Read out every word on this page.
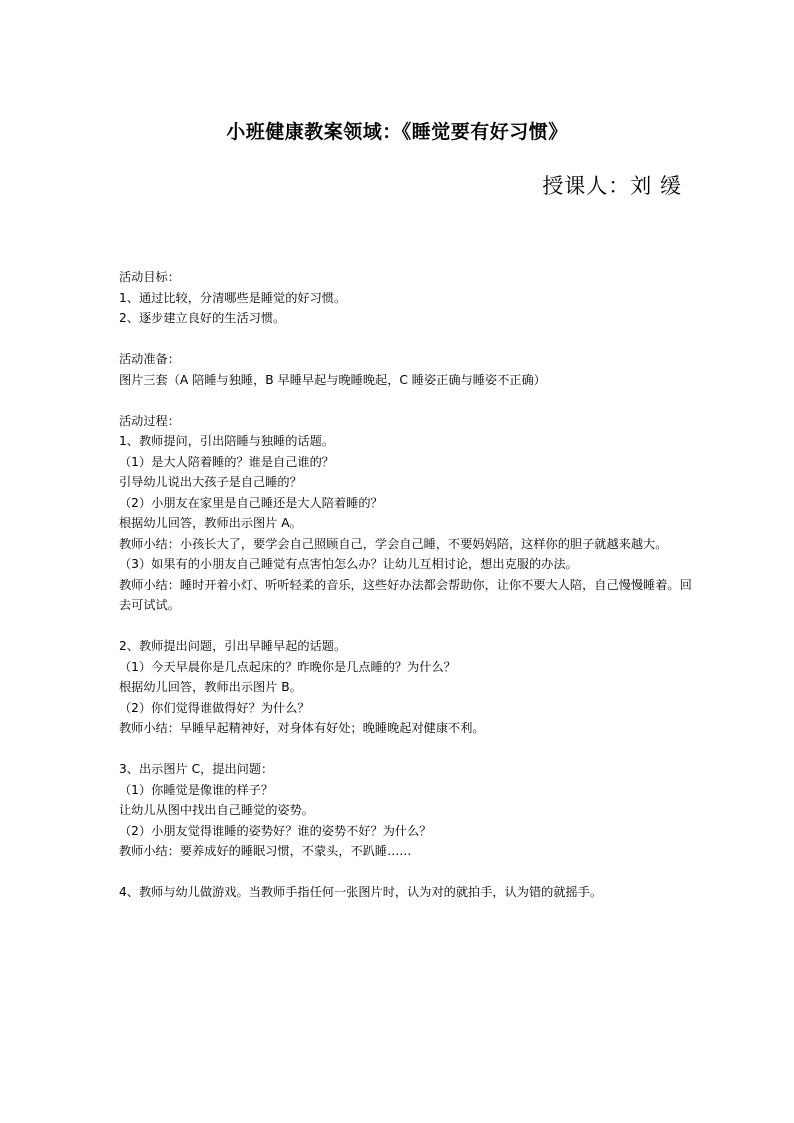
小班健康教案领域：《睡觉要有好习惯》
授课人：刘 缓
活动目标：
1、通过比较，分清哪些是睡觉的好习惯。
2、逐步建立良好的生活习惯。
活动准备：
图片三套（A 陪睡与独睡，B 早睡早起与晚睡晚起，C 睡姿正确与睡姿不正确）
活动过程：
1、教师提问，引出陪睡与独睡的话题。
（1）是大人陪着睡的？谁是自己谁的？
引导幼儿说出大孩子是自己睡的？
（2）小朋友在家里是自己睡还是大人陪着睡的？
根据幼儿回答，教师出示图片 A。
教师小结：小孩长大了，要学会自己照顾自己，学会自己睡，不要妈妈陪，这样你的胆子就越来越大。
（3）如果有的小朋友自己睡觉有点害怕怎么办？让幼儿互相讨论，想出克服的办法。
教师小结：睡时开着小灯、听听轻柔的音乐，这些好办法都会帮助你，让你不要大人陪，自己慢慢睡着。回去可试试。
2、教师提出问题，引出早睡早起的话题。
（1）今天早晨你是几点起床的？昨晚你是几点睡的？为什么？
根据幼儿回答，教师出示图片 B。
（2）你们觉得谁做得好？为什么？
教师小结：早睡早起精神好，对身体有好处；晚睡晚起对健康不利。
3、出示图片 C，提出问题：
（1）你睡觉是像谁的样子？
让幼儿从图中找出自己睡觉的姿势。
（2）小朋友觉得谁睡的姿势好？谁的姿势不好？为什么？
教师小结：要养成好的睡眠习惯，不蒙头，不趴睡……
4、教师与幼儿做游戏。当教师手指任何一张图片时，认为对的就拍手，认为错的就摇手。
